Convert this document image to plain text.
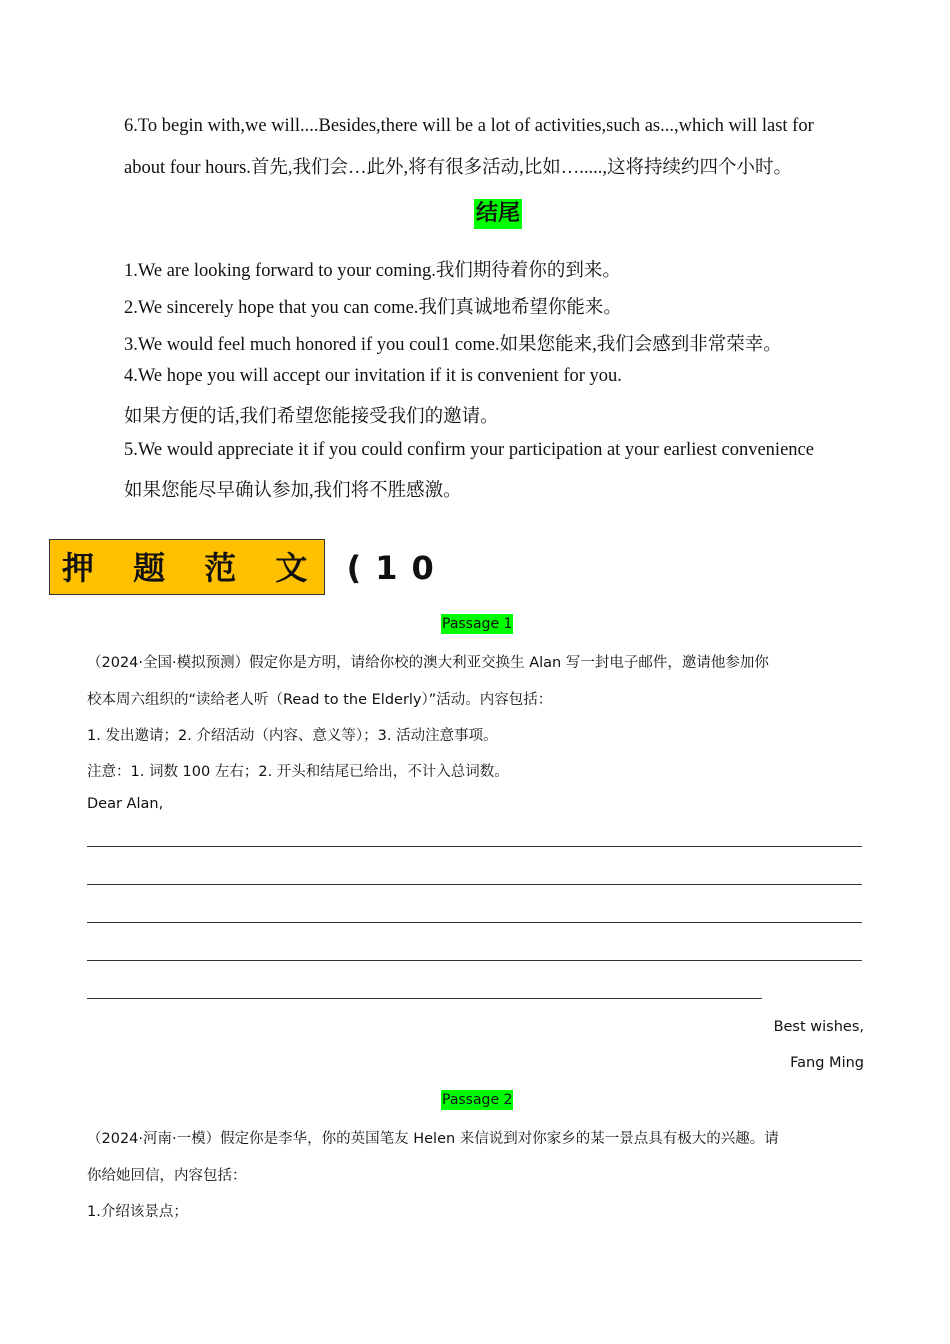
6.To begin with,we will....Besides,there will be a lot of activities,such as...,which will last for
about four hours.首先,我们会…此外,将有很多活动,比如….....,这将持续约四个小时。
结尾
1.We are looking forward to your coming.我们期待着你的到来。
2.We sincerely hope that you can come.我们真诚地希望你能来。
3.We would feel much honored if you coul1 come.如果您能来,我们会感到非常荣幸。
4.We hope you will accept our invitation if it is convenient for you.
如果方便的话,我们希望您能接受我们的邀请。
5.We would appreciate it if you could confirm your participation at your earliest convenience
如果您能尽早确认参加,我们将不胜感激。
押 题 范 文 (10
Passage 1
（2024·全国·模拟预测）假定你是方明，请给你校的澳大利亚交换生 Alan 写一封电子邮件，邀请他参加你
校本周六组织的“读给老人听（Read to the Elderly）”活动。内容包括：
1. 发出邀请；2. 介绍活动（内容、意义等）；3. 活动注意事项。
注意：1. 词数 100 左右；2. 开头和结尾已给出，不计入总词数。
Dear Alan,
Best wishes,
Fang Ming
Passage 2
（2024·河南·一模）假定你是李华，你的英国笔友 Helen 来信说到对你家乡的某一景点具有极大的兴趣。请
你给她回信，内容包括：
1.介绍该景点；
